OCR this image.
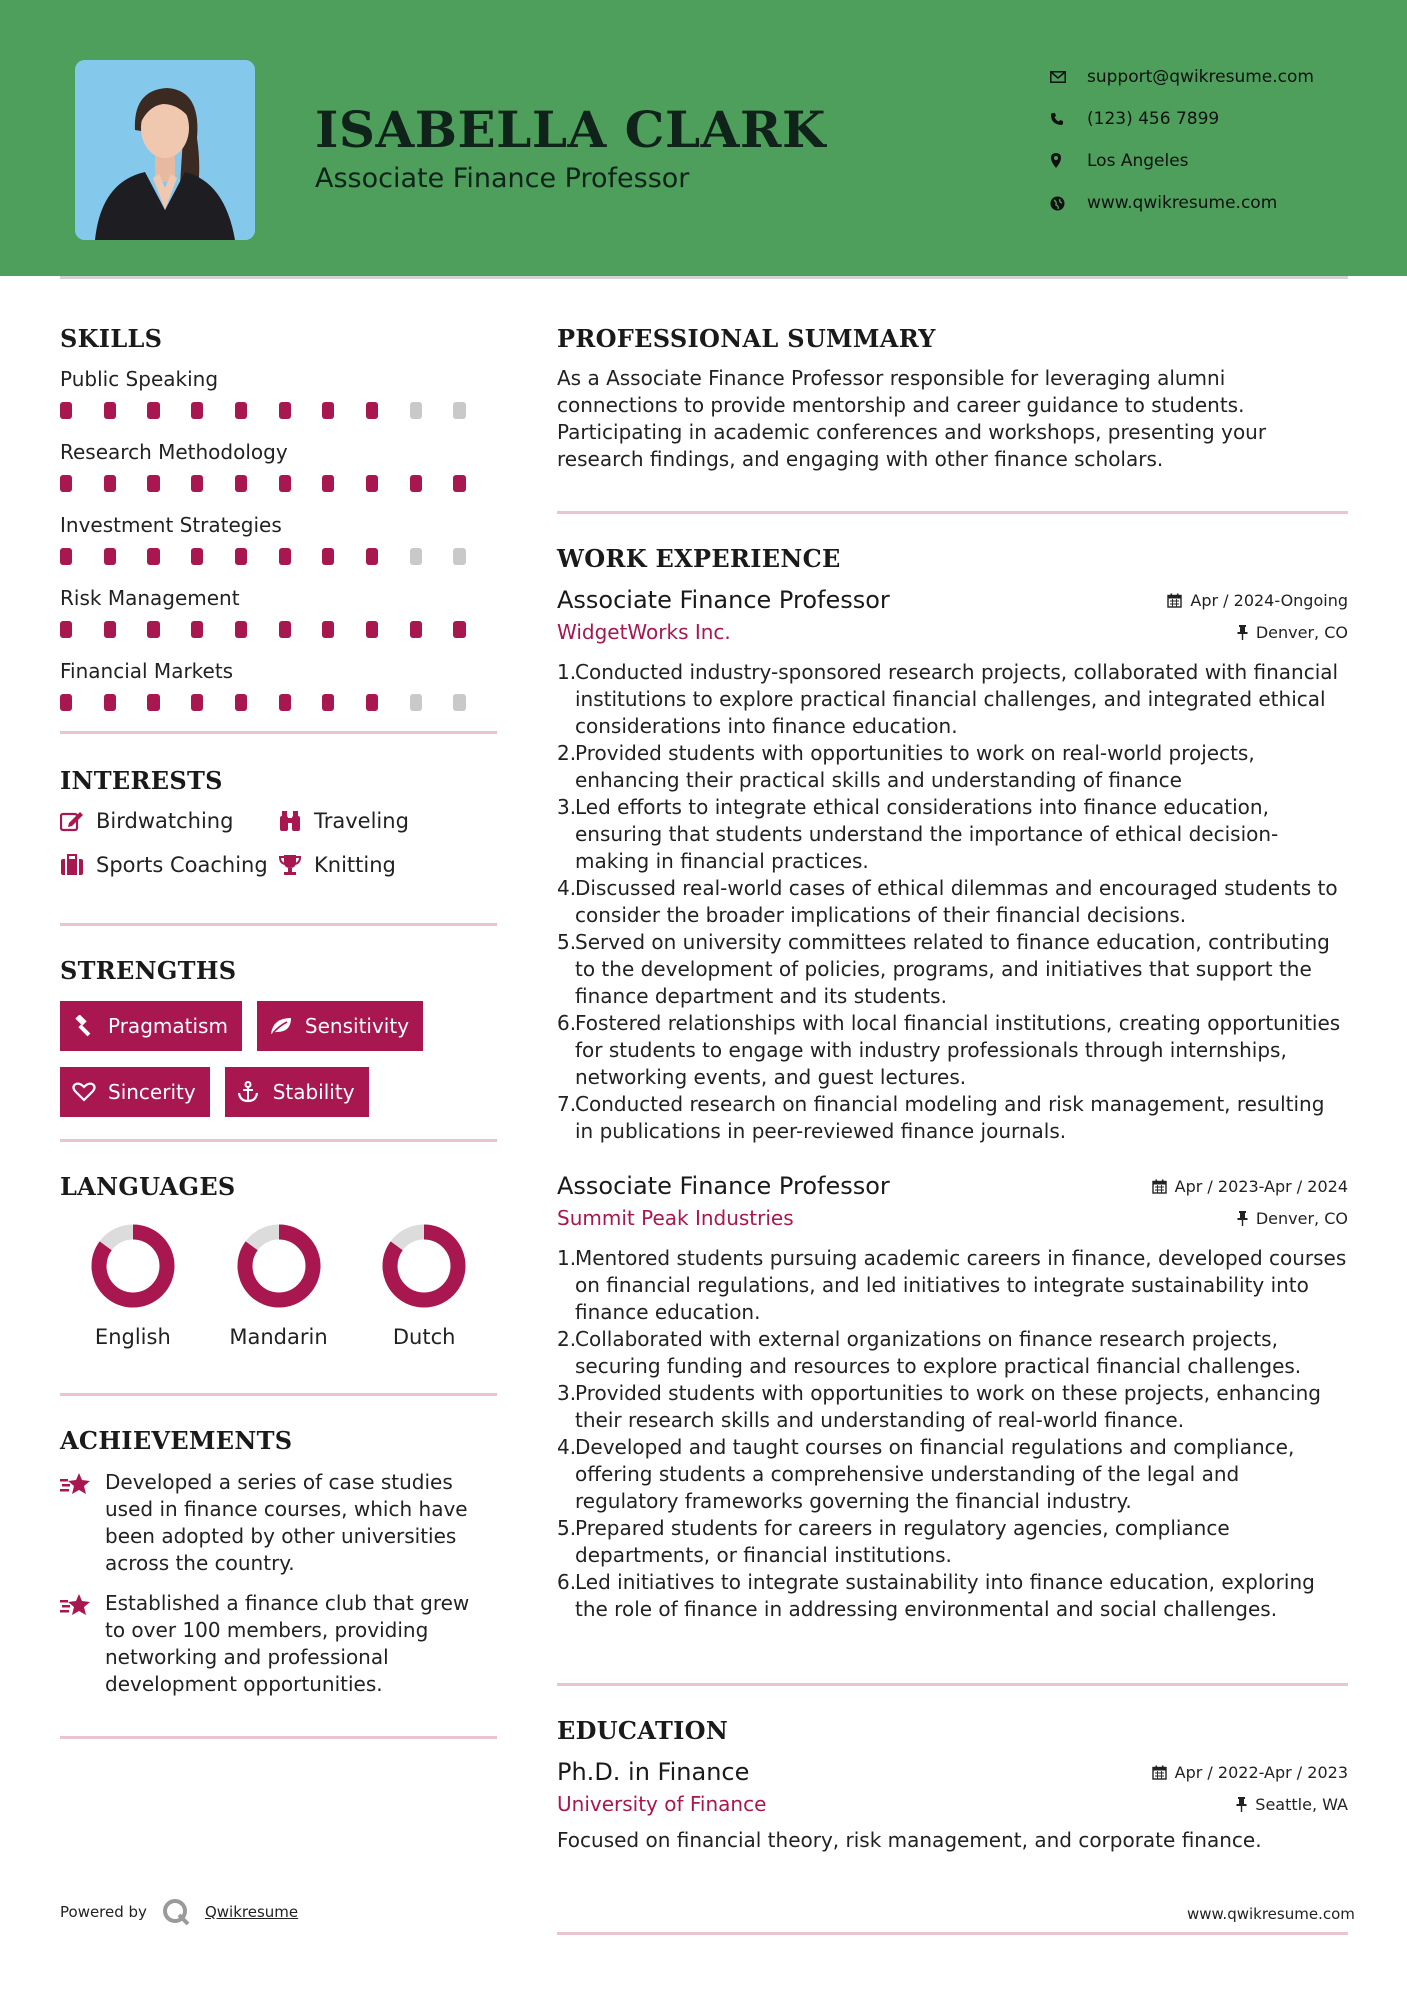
ISABELLA CLARK
Associate Finance Professor
support@qwikresume.com
(123) 456 7899
Los Angeles
www.qwikresume.com
SKILLS
Public Speaking
Research Methodology
Investment Strategies
Risk Management
Financial Markets
INTERESTS
Birdwatching	Traveling
Sports Coaching Knitting
STRENGTHS
Pragmatism	Sensitivity
Sincerity	Stability
LANGUAGES
English	Mandarin	Dutch
ACHIEVEMENTS
Developed a series of case studies used in finance courses, which have been adopted by other universities across the country.
Established a finance club that grew to over 100 members, providing networking and professional development opportunities.
PROFESSIONAL SUMMARY
As a Associate Finance Professor responsible for leveraging alumni connections to provide mentorship and career guidance to students. Participating in academic conferences and workshops, presenting your research findings, and engaging with other finance scholars.
WORK EXPERIENCE
Associate Finance Professor	Apr / 2024-Ongoing
WidgetWorks Inc.	Denver, CO
Conducted industry-sponsored research projects, collaborated with financial institutions to explore practical financial challenges, and integrated ethical considerations into finance education.
Provided students with opportunities to work on real-world projects, enhancing their practical skills and understanding of finance
Led efforts to integrate ethical considerations into finance education, ensuring that students understand the importance of ethical decision-making in financial practices.
Discussed real-world cases of ethical dilemmas and encouraged students to consider the broader implications of their financial decisions.
Served on university committees related to finance education, contributing to the development of policies, programs, and initiatives that support the finance department and its students.
Fostered relationships with local financial institutions, creating opportunities for students to engage with industry professionals through internships, networking events, and guest lectures.
Conducted research on financial modeling and risk management, resulting in publications in peer-reviewed finance journals.
Associate Finance Professor	Apr / 2023-Apr / 2024
Summit Peak Industries	Denver, CO
Mentored students pursuing academic careers in finance, developed courses on financial regulations, and led initiatives to integrate sustainability into finance education.
Collaborated with external organizations on finance research projects, securing funding and resources to explore practical financial challenges.
Provided students with opportunities to work on these projects, enhancing their research skills and understanding of real-world finance.
Developed and taught courses on financial regulations and compliance, offering students a comprehensive understanding of the legal and regulatory frameworks governing the financial industry.
Prepared students for careers in regulatory agencies, compliance departments, or financial institutions.
Led initiatives to integrate sustainability into finance education, exploring the role of finance in addressing environmental and social challenges.
EDUCATION
Ph.D. in Finance	Apr / 2022-Apr / 2023
University of Finance	Seattle, WA
Focused on financial theory, risk management, and corporate finance.
Powered by	Qwikresume	www.qwikresume.com
